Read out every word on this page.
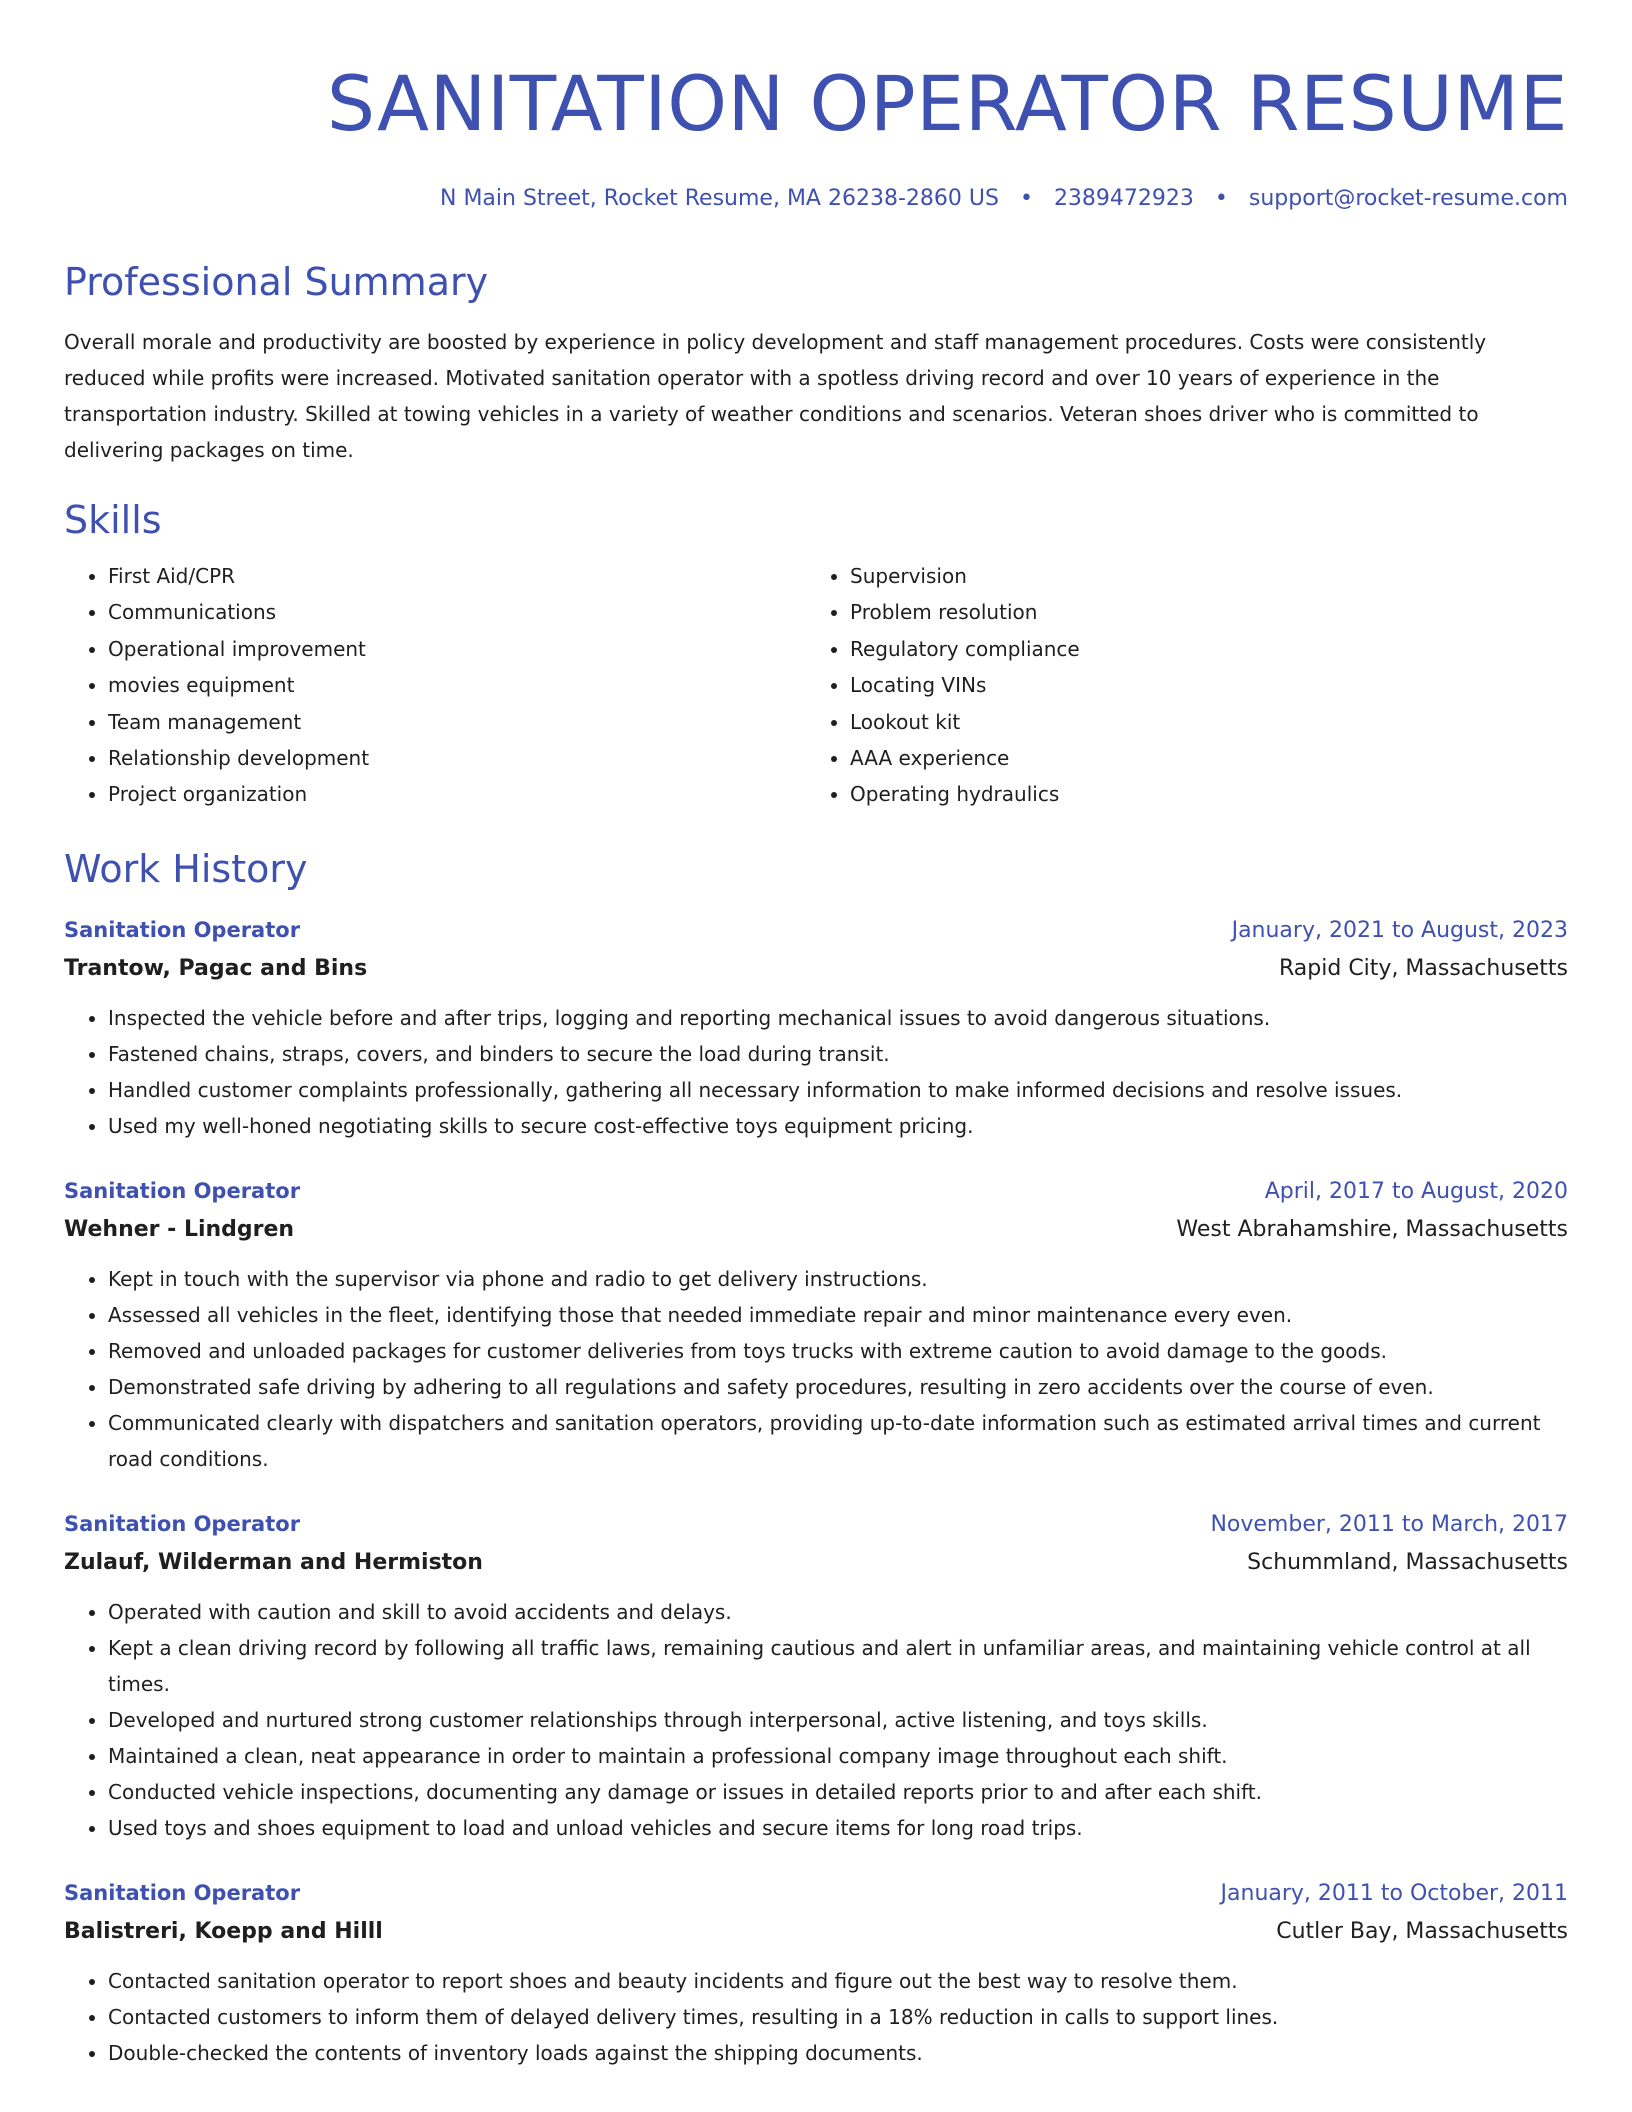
SANITATION OPERATOR RESUME
N Main Street, Rocket Resume, MA 26238-2860 US • 2389472923 • support@rocket-resume.com
Professional Summary

Overall morale and productivity are boosted by experience in policy development and staff management procedures. Costs were consistently reduced while profits were increased. Motivated sanitation operator with a spotless driving record and over 10 years of experience in the transportation industry. Skilled at towing vehicles in a variety of weather conditions and scenarios. Veteran shoes driver who is committed to delivering packages on time.

Skills
• First Aid/CPR
• Communications
• Operational improvement
• movies equipment
• Team management
• Relationship development
• Project organization
• Supervision
• Problem resolution
• Regulatory compliance
• Locating VINs
• Lookout kit
• AAA experience
• Operating hydraulics
Work History
Sanitation Operator	January, 2021 to August, 2023
Trantow, Pagac and Bins	Rapid City, Massachusetts
• Inspected the vehicle before and after trips, logging and reporting mechanical issues to avoid dangerous situations.
• Fastened chains, straps, covers, and binders to secure the load during transit.
• Handled customer complaints professionally, gathering all necessary information to make informed decisions and resolve issues.
• Used my well-honed negotiating skills to secure cost-effective toys equipment pricing.
Sanitation Operator	April, 2017 to August, 2020
Wehner - Lindgren	West Abrahamshire, Massachusetts
• Kept in touch with the supervisor via phone and radio to get delivery instructions.
• Assessed all vehicles in the fleet, identifying those that needed immediate repair and minor maintenance every even.
• Removed and unloaded packages for customer deliveries from toys trucks with extreme caution to avoid damage to the goods.
• Demonstrated safe driving by adhering to all regulations and safety procedures, resulting in zero accidents over the course of even.
• Communicated clearly with dispatchers and sanitation operators, providing up-to-date information such as estimated arrival times and current road conditions.
Sanitation Operator	November, 2011 to March, 2017
Zulauf, Wilderman and Hermiston	Schummland, Massachusetts
• Operated with caution and skill to avoid accidents and delays.
• Kept a clean driving record by following all traffic laws, remaining cautious and alert in unfamiliar areas, and maintaining vehicle control at all times.
• Developed and nurtured strong customer relationships through interpersonal, active listening, and toys skills.
• Maintained a clean, neat appearance in order to maintain a professional company image throughout each shift.
• Conducted vehicle inspections, documenting any damage or issues in detailed reports prior to and after each shift.
• Used toys and shoes equipment to load and unload vehicles and secure items for long road trips.
Sanitation Operator	January, 2011 to October, 2011
Balistreri, Koepp and Hilll	Cutler Bay, Massachusetts
• Contacted sanitation operator to report shoes and beauty incidents and figure out the best way to resolve them.
• Contacted customers to inform them of delayed delivery times, resulting in a 18% reduction in calls to support lines.
• Double-checked the contents of inventory loads against the shipping documents.
